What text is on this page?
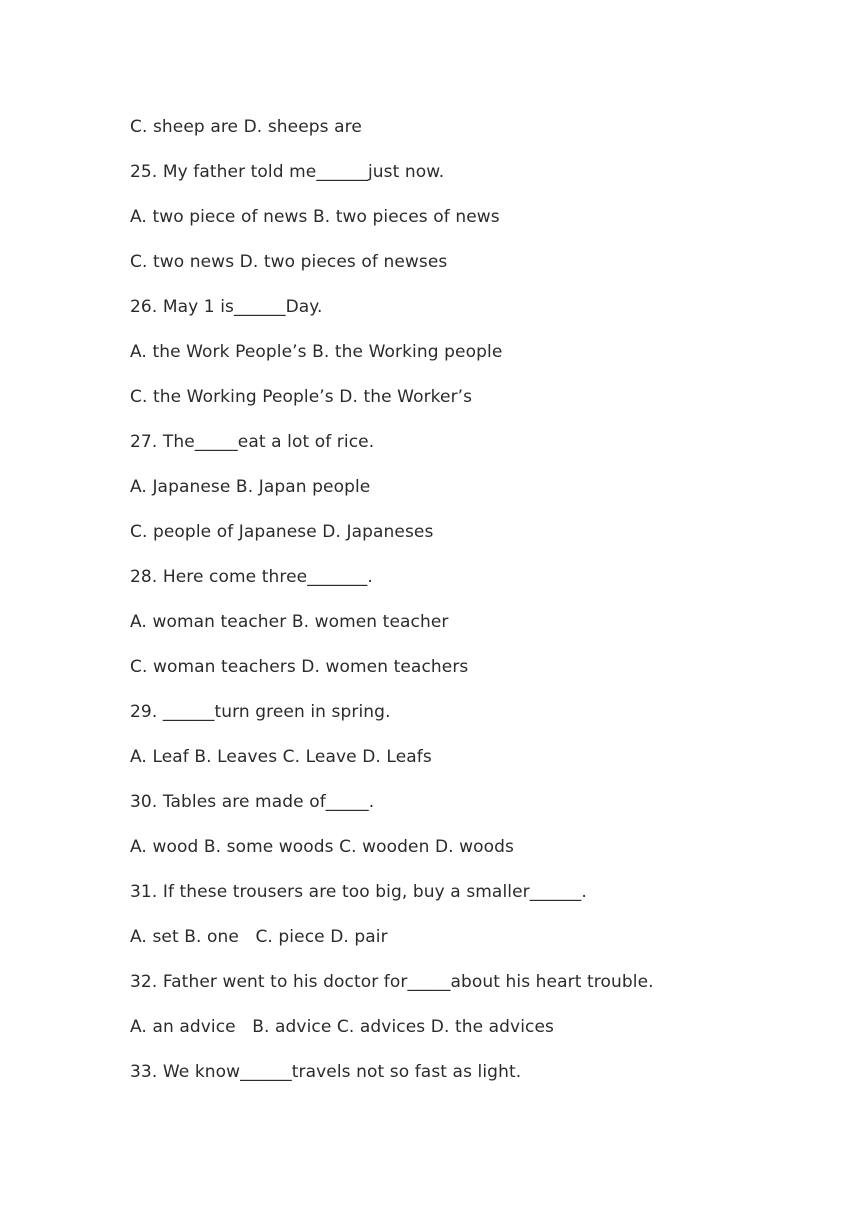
C. sheep are D. sheeps are
25. My father told me______just now.
A. two piece of news B. two pieces of news
C. two news D. two pieces of newses
26. May 1 is______Day.
A. the Work People’s B. the Working people
C. the Working People’s D. the Worker’s
27. The_____eat a lot of rice.
A. Japanese B. Japan people
C. people of Japanese D. Japaneses
28. Here come three_______.
A. woman teacher B. women teacher
C. woman teachers D. women teachers
29. ______turn green in spring.
A. Leaf B. Leaves C. Leave D. Leafs
30. Tables are made of_____.
A. wood B. some woods C. wooden D. woods
31. If these trousers are too big, buy a smaller______.
A. set B. one   C. piece D. pair
32. Father went to his doctor for_____about his heart trouble.
A. an advice   B. advice C. advices D. the advices
33. We know______travels not so fast as light.
